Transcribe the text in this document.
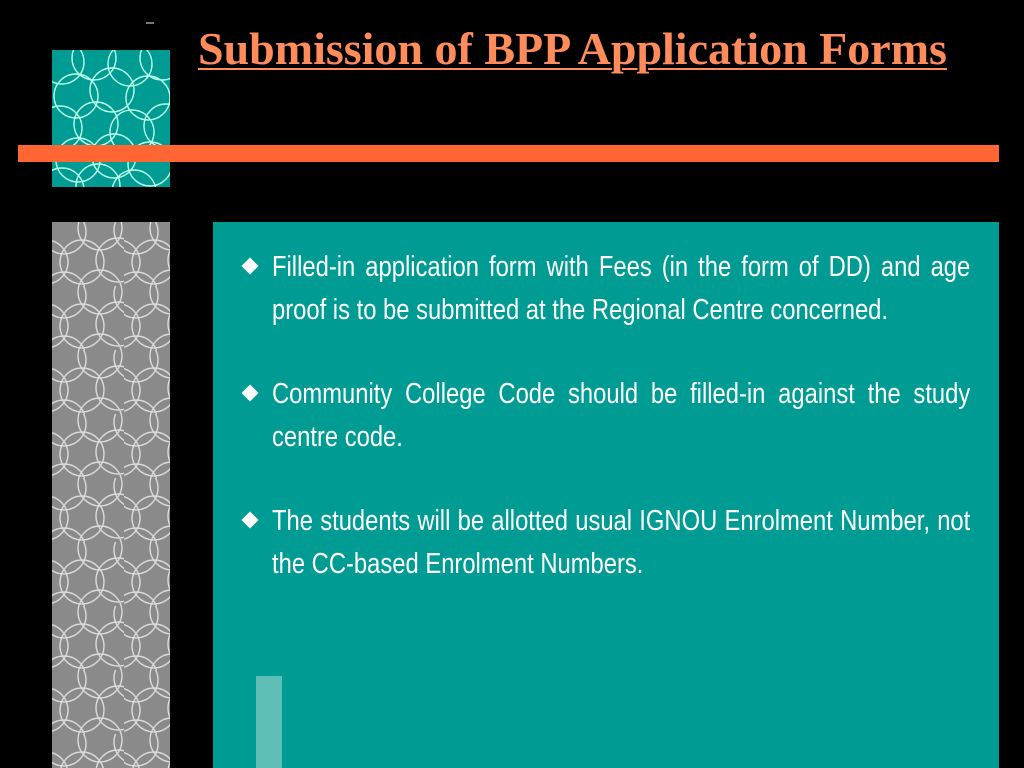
Submission of BPP Application Forms
Filled-in application form with Fees (in the form of DD) and age proof is to be submitted at the Regional Centre concerned.
Community College Code should be filled-in against the study centre code.
The students will be allotted usual IGNOU Enrolment Number, not the CC-based Enrolment Numbers.
